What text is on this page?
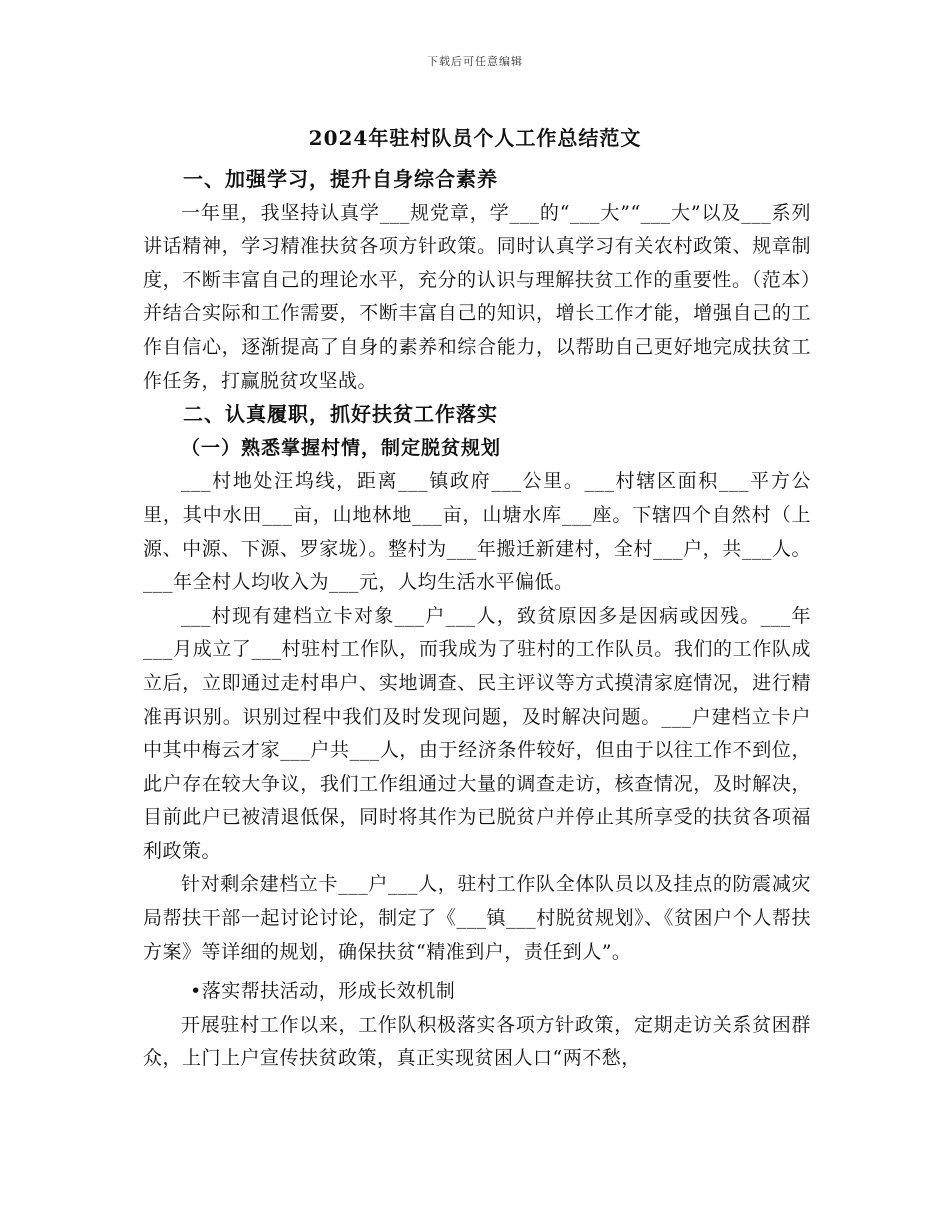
下载后可任意编辑
2024年驻村队员个人工作总结范文

一、加强学习，提升自身综合素养

一年里，我坚持认真学___规党章，学___的“___大”“___大”以及___系列讲话精神，学习精准扶贫各项方针政策。同时认真学习有关农村政策、规章制度，不断丰富自己的理论水平，充分的认识与理解扶贫工作的重要性。（范本）并结合实际和工作需要，不断丰富自己的知识，增长工作才能，增强自己的工作自信心，逐渐提高了自身的素养和综合能力，以帮助自己更好地完成扶贫工作任务，打赢脱贫攻坚战。

二、认真履职，抓好扶贫工作落实

（一）熟悉掌握村情，制定脱贫规划

___村地处汪坞线，距离___镇政府___公里。___村辖区面积___平方公里，其中水田___亩，山地林地___亩，山塘水库___座。下辖四个自然村（上源、中源、下源、罗家垅）。整村为___年搬迁新建村，全村___户，共___人。___年全村人均收入为___元，人均生活水平偏低。

___村现有建档立卡对象___户___人，致贫原因多是因病或因残。___年___月成立了___村驻村工作队，而我成为了驻村的工作队员。我们的工作队成立后，立即通过走村串户、实地调查、民主评议等方式摸清家庭情况，进行精准再识别。识别过程中我们及时发现问题，及时解决问题。___户建档立卡户中其中梅云才家___户共___人，由于经济条件较好，但由于以往工作不到位，此户存在较大争议，我们工作组通过大量的调查走访，核查情况，及时解决，目前此户已被清退低保，同时将其作为已脱贫户并停止其所享受的扶贫各项福利政策。

针对剩余建档立卡___户___人，驻村工作队全体队员以及挂点的防震减灾局帮扶干部一起讨论讨论，制定了《___镇___村脱贫规划》、《贫困户个人帮扶方案》等详细的规划，确保扶贫“精准到户，责任到人”。

•落实帮扶活动，形成长效机制

开展驻村工作以来，工作队积极落实各项方针政策，定期走访关系贫困群众，上门上户宣传扶贫政策，真正实现贫困人口“两不愁，
